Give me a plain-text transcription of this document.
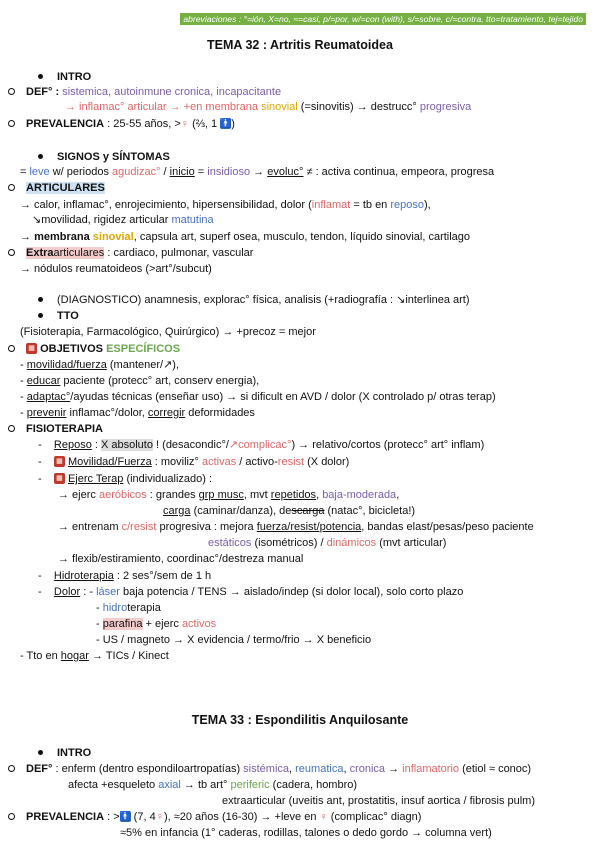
abreviaciones : °=ión, X=no, ≈=casi, p/=por, w/=con (with), s/=sobre, c/=contra, tto=tratamiento, tej=tejido
TEMA 32 : Artritis Reumatoidea
INTRO
DEF° : sistemica, autoinmune cronica, incapacitante
→ inflamac° articular → +en membrana sinovial (=sinovitis) → destrucc° progresiva
PREVALENCIA : 25-55 años, >♀ (⅔, 1 🚹)
SIGNOS y SÍNTOMAS
= leve w/ periodos agudizac° / inicio = insidioso → evoluc° ≠ : activa continua, empeora, progresa
ARTICULARES
→ calor, inflamac°, enrojecimiento, hipersensibilidad, dolor (inflamat = tb en reposo),
↘movilidad, rigidez articular matutina
→ membrana sinovial, capsula art, superf osea, musculo, tendon, líquido sinovial, cartilago
Extraarticulares : cardiaco, pulmonar, vascular
→ nódulos reumatoideos (>art°/subcut)
(DIAGNOSTICO) anamnesis, explorac° física, analisis (+radiografía : ↘interlinea art)
TTO
(Fisioterapia, Farmacológico, Quirúrgico) → +precoz = mejor
▦ OBJETIVOS ESPECÍFICOS
- movilidad/fuerza (mantener/↗),
- educar paciente (protecc° art, conserv energia),
- adaptac°/ayudas técnicas (enseñar uso) → si dificult en AVD / dolor (X controlado p/ otras terap)
- prevenir inflamac°/dolor, corregir deformidades
FISIOTERAPIA
-    Reposo : X absoluto ! (desacondic°/↗complicac°) → relativo/cortos (protecc° art° inflam)
-    ▦ Movilidad/Fuerza : moviliz° activas / activo-resist (X dolor)
-    ▦ Ejerc Terap (individualizado) :
→ ejerc aeróbicos : grandes grp musc, mvt repetidos, baja-moderada,
carga (caminar/danza), descarga (natac°, bicicleta!)
→ entrenam c/resist progresiva : mejora fuerza/resist/potencia, bandas elast/pesas/peso paciente
estáticos (isométricos) / dinámicos (mvt articular)
→ flexib/estiramiento, coordinac°/destreza manual
-    Hidroterapia : 2 ses°/sem de 1 h
-    Dolor : - láser baja potencia / TENS → aislado/indep (si dolor local), solo corto plazo
- hidroterapia
- parafina + ejerc activos
- US / magneto → X evidencia / termo/frio → X beneficio
- Tto en hogar → TICs / Kinect
TEMA 33 : Espondilitis Anquilosante
INTRO
DEF° : enferm (dentro espondiloartropatías) sistémica, reumatica, cronica → inflamatorio (etiol ≈ conoc)
afecta +esqueleto axial → tb art° periferic (cadera, hombro)
extraarticular (uveitis ant, prostatitis, insuf aortica / fibrosis pulm)
PREVALENCIA : >🚹 (7, 4♀), ≈20 años (16-30) → +leve en ♀ (complicac° diagn)
≈5% en infancia (1° caderas, rodillas, talones o dedo gordo → columna vert)
